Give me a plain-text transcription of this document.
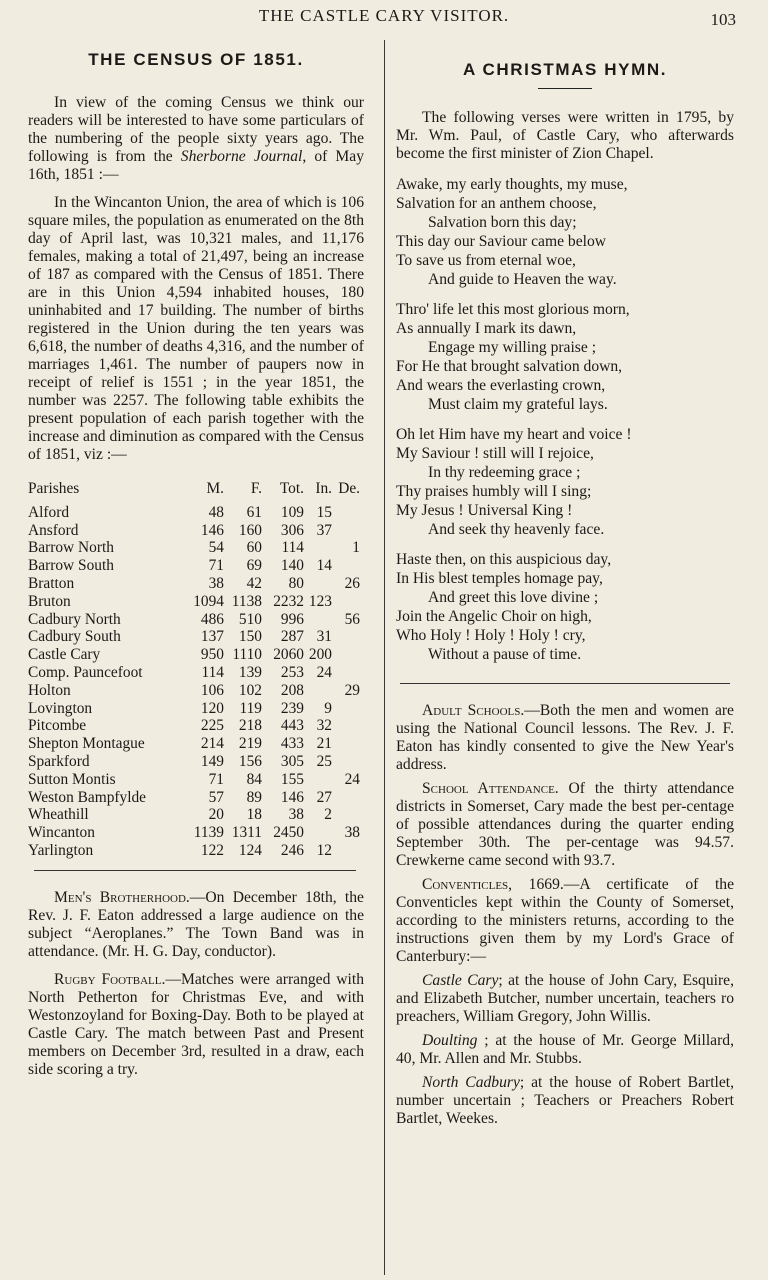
THE CASTLE CARY VISITOR.	103
THE CENSUS OF 1851.

In view of the coming Census we think our readers will be interested to have some particulars of the numbering of the people sixty years ago. The following is from the Sherborne Journal, of May 16th, 1851 :—

In the Wincanton Union, the area of which is 106 square miles, the population as enumerated on the 8th day of April last, was 10,321 males, and 11,176 females, making a total of 21,497, being an increase of 187 as compared with the Census of 1851. There are in this Union 4,594 inhabited houses, 180 uninhabited and 17 building. The number of births registered in the Union during the ten years was 6,618, the number of deaths 4,316, and the number of marriages 1,461. The number of paupers now in receipt of relief is 1551 ; in the year 1851, the number was 2257. The following table exhibits the present population of each parish together with the increase and diminution as compared with the Census of 1851, viz :—

Parishes	M.	F.	Tot.	In.	De.

Alford	48	61	109	15	
Ansford	146	160	306	37	
Barrow North	54	60	114		1
Barrow South	71	69	140	14	
Bratton	38	42	80		26
Bruton	1094	1138	2232	123	
Cadbury North	486	510	996		56
Cadbury South	137	150	287	31	
Castle Cary	950	1110	2060	200	
Comp. Pauncefoot	114	139	253	24	
Holton	106	102	208		29
Lovington	120	119	239	9	
Pitcombe	225	218	443	32	
Shepton Montague	214	219	433	21	
Sparkford	149	156	305	25	
Sutton Montis	71	84	155		24
Weston Bampfylde	57	89	146	27	
Wheathill	20	18	38	2	
Wincanton	1139	1311	2450		38
Yarlington	122	124	246	12	

Men's Brotherhood.—On December 18th, the Rev. J. F. Eaton addressed a large audience on the subject “Aeroplanes.” The Town Band was in attendance. (Mr. H. G. Day, conductor).

Rugby Football.—Matches were arranged with North Petherton for Christmas Eve, and with Westonzoyland for Boxing-Day. Both to be played at Castle Cary. The match between Past and Present members on December 3rd, resulted in a draw, each side scoring a try.

A CHRISTMAS HYMN.

The following verses were written in 1795, by Mr. Wm. Paul, of Castle Cary, who afterwards become the first minister of Zion Chapel.

Awake, my early thoughts, my muse,
Salvation for an anthem choose,
Salvation born this day;
This day our Saviour came below
To save us from eternal woe,
And guide to Heaven the way.
Thro' life let this most glorious morn,
As annually I mark its dawn,
Engage my willing praise ;
For He that brought salvation down,
And wears the everlasting crown,
Must claim my grateful lays.
Oh let Him have my heart and voice !
My Saviour ! still will I rejoice,
In thy redeeming grace ;
Thy praises humbly will I sing;
My Jesus ! Universal King !
And seek thy heavenly face.
Haste then, on this auspicious day,
In His blest temples homage pay,
And greet this love divine ;
Join the Angelic Choir on high,
Who Holy ! Holy ! Holy ! cry,
Without a pause of time.

Adult Schools.—Both the men and women are using the National Council lessons. The Rev. J. F. Eaton has kindly consented to give the New Year's address.

School Attendance. Of the thirty attendance districts in Somerset, Cary made the best per-centage of possible attendances during the quarter ending September 30th. The per-centage was 94.57. Crewkerne came second with 93.7.

Conventicles, 1669.—A certificate of the Conventicles kept within the County of Somerset, according to the ministers returns, according to the instructions given them by my Lord's Grace of Canterbury:—

Castle Cary; at the house of John Cary, Esquire, and Elizabeth Butcher, number uncertain, teachers ro preachers, William Gregory, John Willis.

Doulting ; at the house of Mr. George Millard, 40, Mr. Allen and Mr. Stubbs.

North Cadbury; at the house of Robert Bartlet, number uncertain ; Teachers or Preachers Robert Bartlet, Weekes.
